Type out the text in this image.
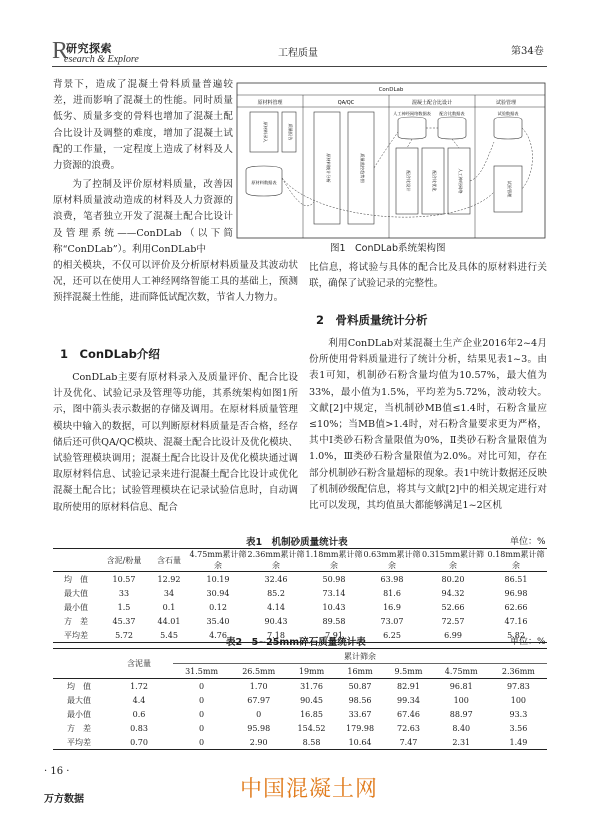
R
研究探索
esearch & Explore
工程质量	第34卷
背景下，造成了混凝土骨料质量普遍较差，进而影响了混凝土的性能。同时质量低劣、质量多变的骨料也增加了混凝土配合比设计及调整的难度，增加了混凝土试配的工作量，一定程度上造成了材料及人力资源的浪费。
为了控制及评价原材料质量，改善因原材料质量波动造成的材料及人力资源的浪费，笔者独立开发了混凝土配合比设计及管理系统——ConDLab（以下简称“ConDLab”）。利用ConDLab中
的相关模块，不仅可以评价及分析原材料质量及其波动状况，还可以在使用人工神经网络智能工具的基础上，预测预拌混凝土性能，进而降低试配次数，节省人力物力。
1　ConDLab介绍
ConDLab主要有原材料录入及质量评价、配合比设计及优化、试验记录及管理等功能，其系统架构如图1所示，图中箭头表示数据的存储及调用。在原材料质量管理模块中输入的数据，可以判断原材料质量是否合格，经存储后还可供QA/QC模块、混凝土配合比设计及优化模块、试验管理模块调用；混凝土配合比设计及优化模块通过调取原材料信息、试验记录来进行混凝土配合比设计或优化混凝土配合比；试验管理模块在记录试验信息时，自动调取所使用的原材料信息、配合
ConDLab
原材料管理	QA/QC	混凝土配合比设计	试验管理
原材料录入	质量报告
原材料数据表	原材料统计分析	质量监控趋势图
人工神经网络数据表 配合比数据表
配合比设计	配合比优化	人工神经网络
试验数据表
试验管理
图1　ConDLab系统架构图
比信息，将试验与具体的配合比及具体的原材料进行关联，确保了试验记录的完整性。
2　骨料质量统计分析
利用ConDLab对某混凝土生产企业2016年2~4月份所使用骨料质量进行了统计分析，结果见表1~3。由表1可知，机制砂石粉含量均值为10.57%，最大值为33%，最小值为1.5%，平均差为5.72%，波动较大。文献[2]中规定，当机制砂MB值≤1.4时，石粉含量应≤10%；当MB值>1.4时，对石粉含量要求更为严格，其中Ⅰ类砂石粉含量限值为0%，Ⅱ类砂石粉含量限值为1.0%，Ⅲ类砂石粉含量限值为2.0%。对比可知，存在部分机制砂石粉含量超标的现象。表1中统计数据还反映了机制砂级配信息，将其与文献[2]中的相关规定进行对比可以发现，其均值虽大都能够满足1~2区机
表1　机制砂质量统计表	单位：%
	含泥/粉量	含石量	4.75mm累计筛余	2.36mm累计筛余	1.18mm累计筛余	0.63mm累计筛余	0.315mm累计筛余	0.18mm累计筛余
均　值	10.57	12.92	10.19	32.46	50.98	63.98	80.20	86.51
最大值	33	34	30.94	85.2	73.14	81.6	94.32	96.98
最小值	1.5	0.1	0.12	4.14	10.43	16.9	52.66	62.66
方　差	45.37	44.01	35.40	90.43	89.58	73.07	72.57	47.16
平均差	5.72	5.45	4.76	7.18	7.91	6.25	6.99	5.82
表2　5~25mm碎石质量统计表	单位：%
	含泥量	累计筛余						
		31.5mm	26.5mm	19mm	16mm	9.5mm	4.75mm	2.36mm
均　值	1.72	0	1.70	31.76	50.87	82.91	96.81	97.83
最大值	4.4	0	67.97	90.45	98.56	99.34	100	100
最小值	0.6	0	0	16.85	33.67	67.46	88.97	93.3
方　差	0.83	0	95.98	154.52	179.98	72.63	8.40	3.56
平均差	0.70	0	2.90	8.58	10.64	7.47	2.31	1.49
· 16 ·
中国混凝土网
万方数据
